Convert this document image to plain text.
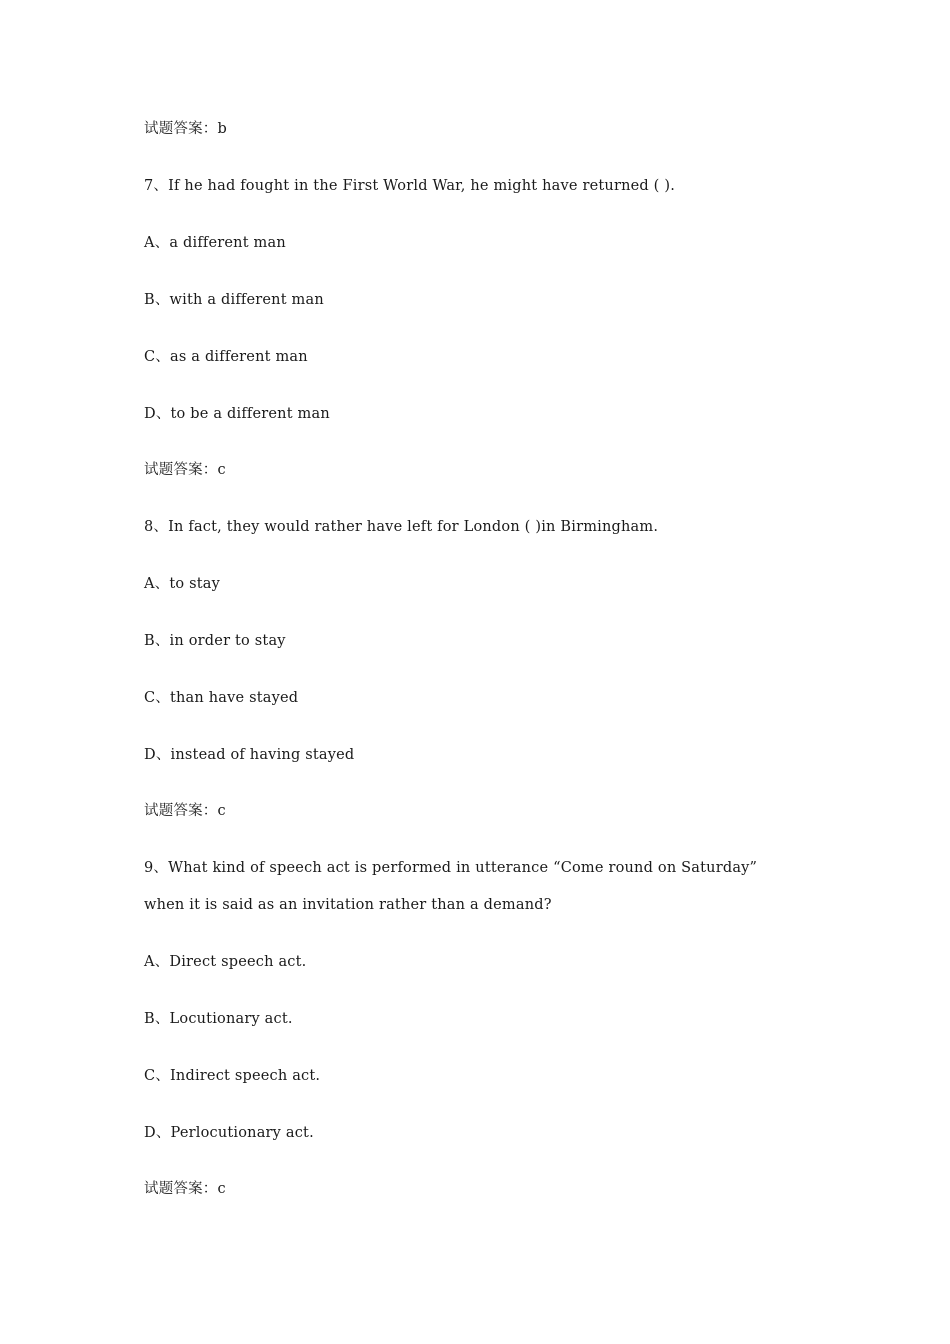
试题答案：b

7、If he had fought in the First World War, he might have returned ( ).

A、a different man

B、with a different man

C、as a different man

D、to be a different man

试题答案：c

8、In fact, they would rather have left for London ( )in Birmingham.

A、to stay

B、in order to stay

C、than have stayed

D、instead of having stayed

试题答案：c

9、What kind of speech act is performed in utterance “Come round on Saturday”

when it is said as an invitation rather than a demand?

A、Direct speech act.

B、Locutionary act.

C、Indirect speech act.

D、Perlocutionary act.

试题答案：c
